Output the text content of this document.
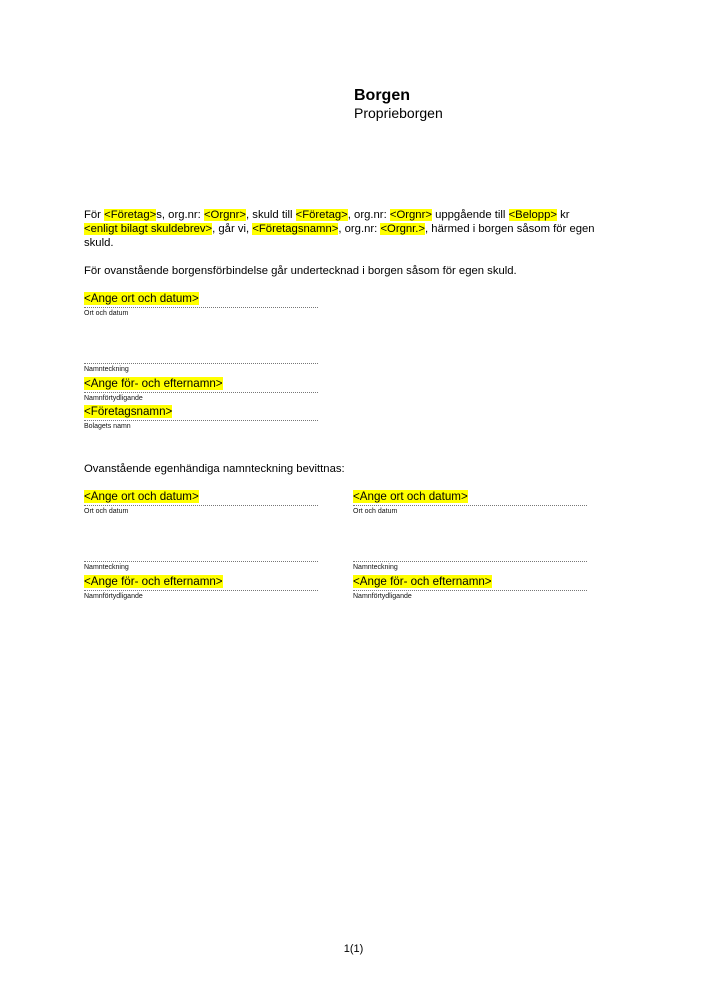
Borgen

Proprieborgen

För <Företag>s, org.nr: <Orgnr>, skuld till <Företag>, org.nr: <Orgnr> uppgående till <Belopp> kr <enligt bilagt skuldebrev>, går vi, <Företagsnamn>, org.nr: <Orgnr.>, härmed i borgen såsom för egen skuld.
För ovanstående borgensförbindelse går undertecknad i borgen såsom för egen skuld.
<Ange ort och datum>
Ort och datum
Namnteckning
<Ange för- och efternamn>
Namnförtydligande
<Företagsnamn>
Bolagets namn
Ovanstående egenhändiga namnteckning bevittnas:
<Ange ort och datum>
Ort och datum
Namnteckning
<Ange för- och efternamn>
Namnförtydligande
<Ange ort och datum>
Ort och datum
Namnteckning
<Ange för- och efternamn>
Namnförtydligande
1(1)
